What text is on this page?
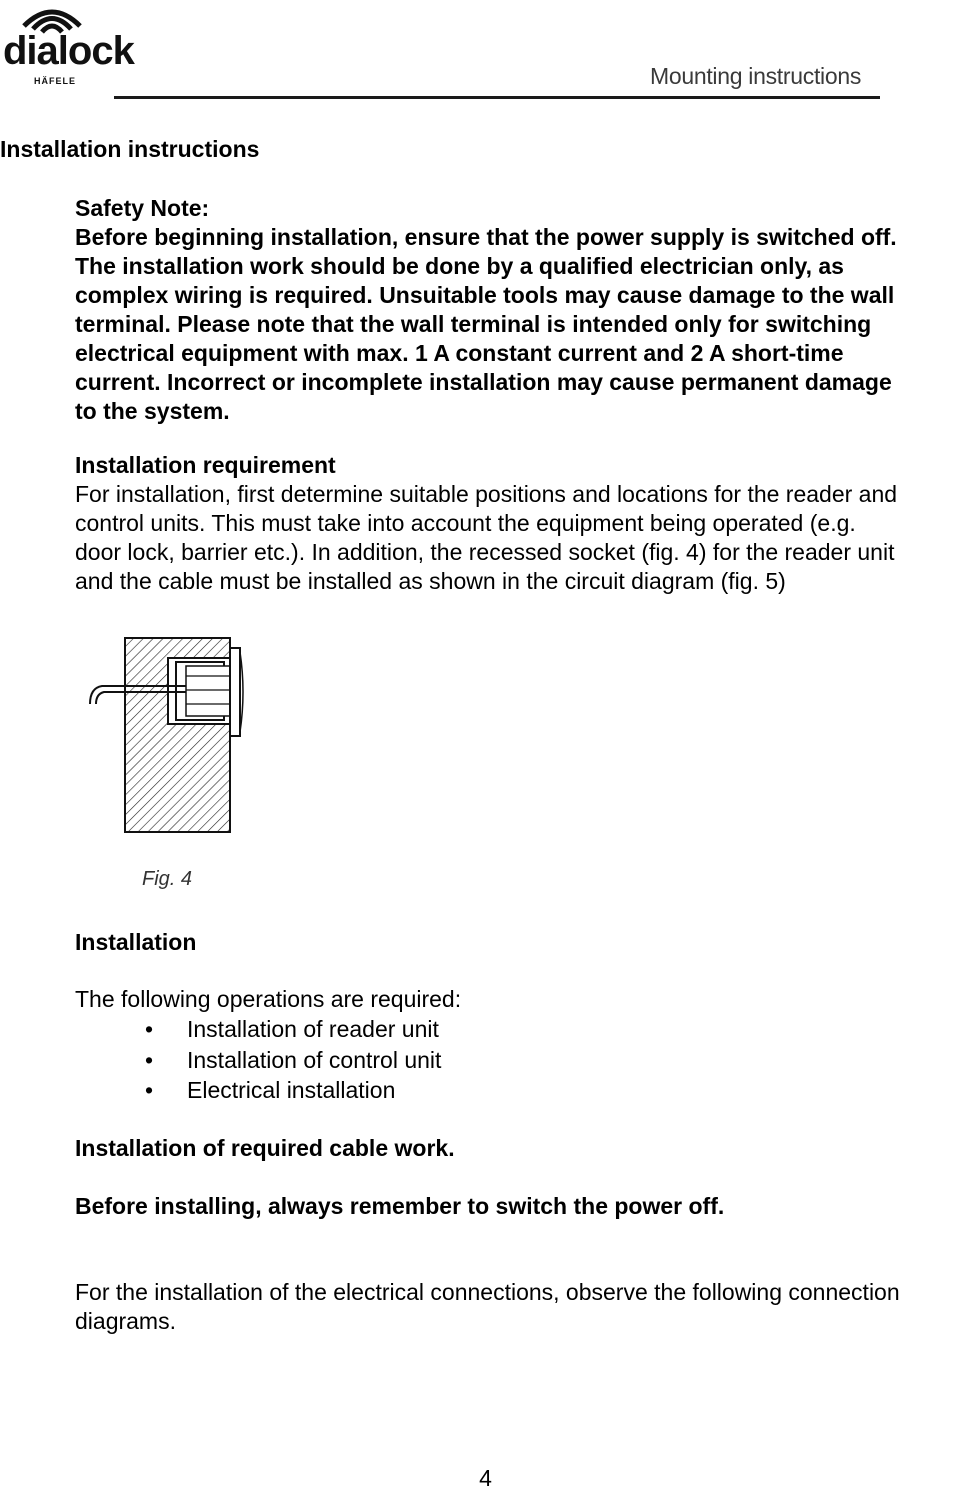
dialock
HÄFELE	Mounting instructions
Installation instructions
Safety Note:
Before beginning installation, ensure that the power supply is switched off.
The installation work should be done by a qualified electrician only, as
complex wiring is required. Unsuitable tools may cause damage to the wall
terminal. Please note that the wall terminal is intended only for switching
electrical equipment with max. 1 A constant current and 2 A short-time
current. Incorrect or incomplete installation may cause permanent damage
to the system.
Installation requirement
For installation, first determine suitable positions and locations for the reader and
control units. This must take into account the equipment being operated (e.g.
door lock, barrier etc.). In addition, the recessed socket (fig. 4) for the reader unit
and the cable must be installed as shown in the circuit diagram (fig. 5)
Fig. 4
Installation
The following operations are required:
• Installation of reader unit
• Installation of control unit
• Electrical installation
Installation of required cable work.
Before installing, always remember to switch the power off.
For the installation of the electrical connections, observe the following connection
diagrams.
4
